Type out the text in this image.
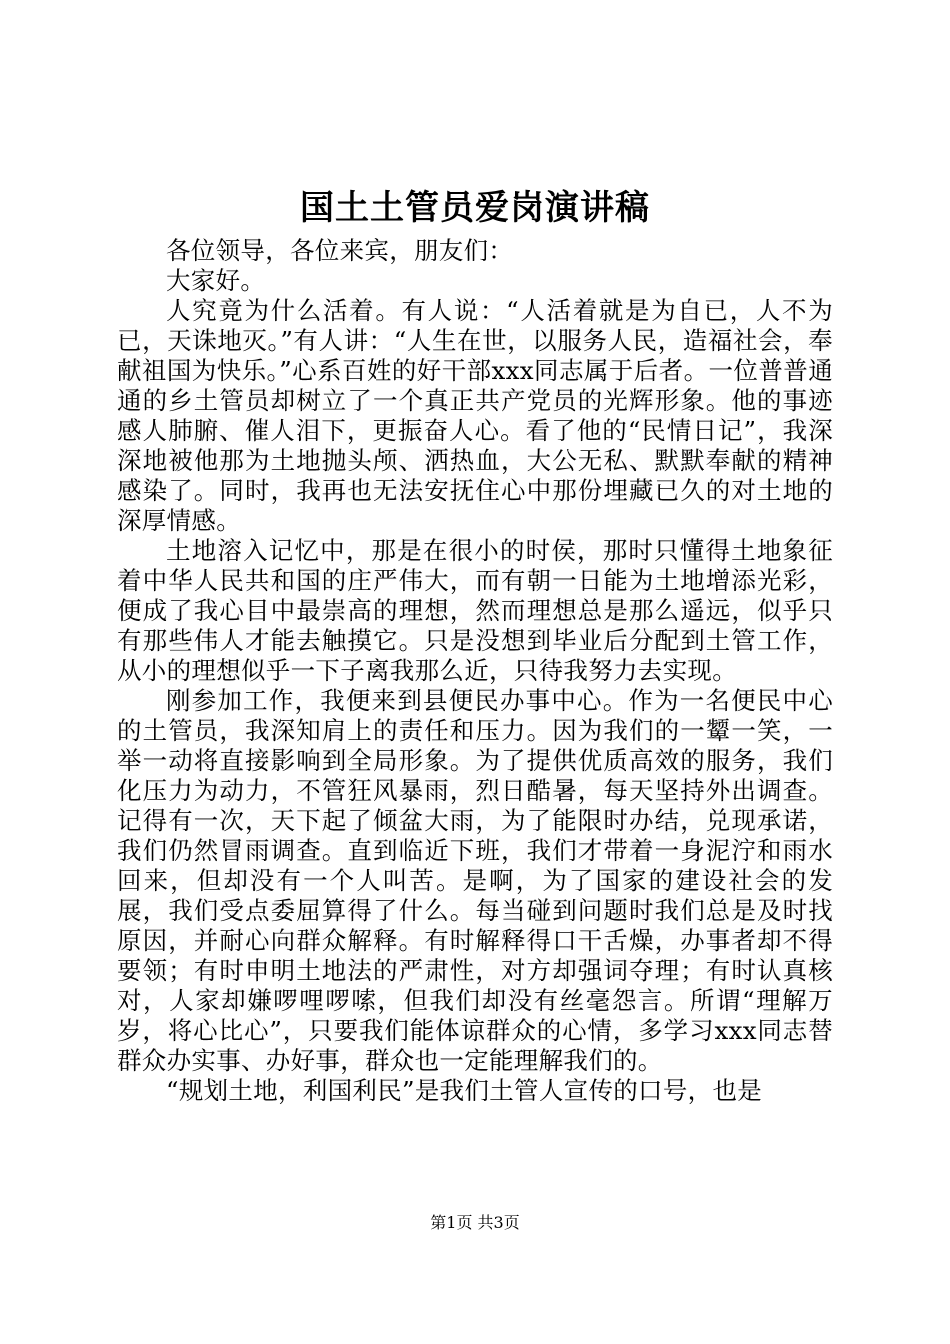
国土土管员爱岗演讲稿

各位领导，各位来宾，朋友们：

大家好。

人究竟为什么活着。有人说：“人活着就是为自已，人不为已，天诛地灭。”有人讲：“人生在世，以服务人民，造福社会，奉献祖国为快乐。”心系百姓的好干部xxx同志属于后者。一位普普通通的乡土管员却树立了一个真正共产党员的光辉形象。他的事迹感人肺腑、催人泪下，更振奋人心。看了他的“民情日记”，我深深地被他那为土地抛头颅、洒热血，大公无私、默默奉献的精神感染了。同时，我再也无法安抚住心中那份埋藏已久的对土地的深厚情感。

土地溶入记忆中，那是在很小的时侯，那时只懂得土地象征着中华人民共和国的庄严伟大，而有朝一日能为土地增添光彩，便成了我心目中最崇高的理想，然而理想总是那么遥远，似乎只有那些伟人才能去触摸它。只是没想到毕业后分配到土管工作，从小的理想似乎一下子离我那么近，只待我努力去实现。

刚参加工作，我便来到县便民办事中心。作为一名便民中心的土管员，我深知肩上的责任和压力。因为我们的一颦一笑，一举一动将直接影响到全局形象。为了提供优质高效的服务，我们化压力为动力，不管狂风暴雨，烈日酷暑，每天坚持外出调查。记得有一次，天下起了倾盆大雨，为了能限时办结，兑现承诺，我们仍然冒雨调查。直到临近下班，我们才带着一身泥泞和雨水回来，但却没有一个人叫苦。是啊，为了国家的建设社会的发展，我们受点委屈算得了什么。每当碰到问题时我们总是及时找原因，并耐心向群众解释。有时解释得口干舌燥，办事者却不得要领；有时申明土地法的严肃性，对方却强词夺理；有时认真核对，人家却嫌啰哩啰嗦，但我们却没有丝毫怨言。所谓“理解万岁，将心比心”，只要我们能体谅群众的心情，多学习xxx同志替群众办实事、办好事，群众也一定能理解我们的。

“规划土地，利国利民”是我们土管人宣传的口号，也是

第1页 共3页
